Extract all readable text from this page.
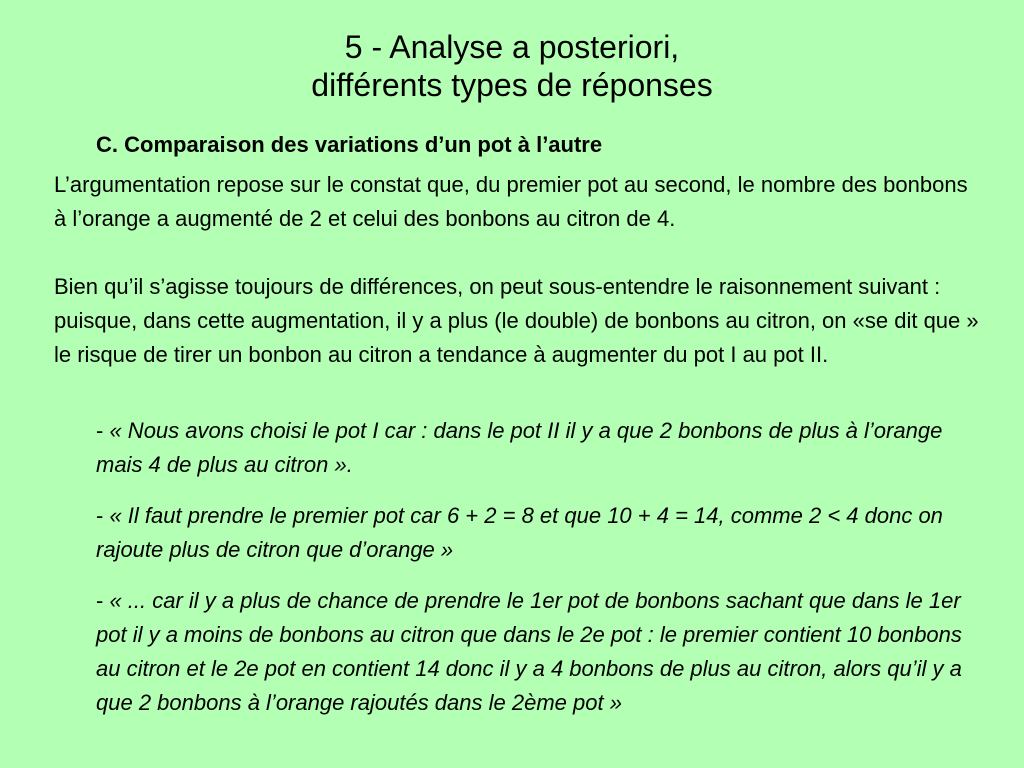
5 - Analyse a posteriori,
différents types de réponses
C. Comparaison des variations d’un pot à l’autre
L’argumentation repose sur le constat que, du premier pot au second, le nombre des bonbons à l’orange a augmenté de 2 et celui des bonbons au citron de 4.
Bien qu’il s’agisse toujours de différences, on peut sous-entendre le raisonnement suivant : puisque, dans cette augmentation, il y a plus (le double) de bonbons au citron, on «se dit que » le risque de tirer un bonbon au citron a tendance à augmenter du pot I au pot II.
- « Nous avons choisi le pot I car : dans le pot II il y a que 2 bonbons de plus à l’orange mais 4 de plus au citron ».
- « Il faut prendre le premier pot car 6 + 2 = 8 et que 10 + 4 = 14, comme 2 < 4 donc on rajoute plus de citron que d’orange »
- « ... car il y a plus de chance de prendre le 1er pot de bonbons sachant que dans le 1er pot il y a moins de bonbons au citron que dans le 2e pot : le premier contient 10 bonbons au citron et le 2e pot en contient 14 donc il y a 4 bonbons de plus au citron, alors qu’il y a que 2 bonbons à l’orange rajoutés dans le 2ème pot »
